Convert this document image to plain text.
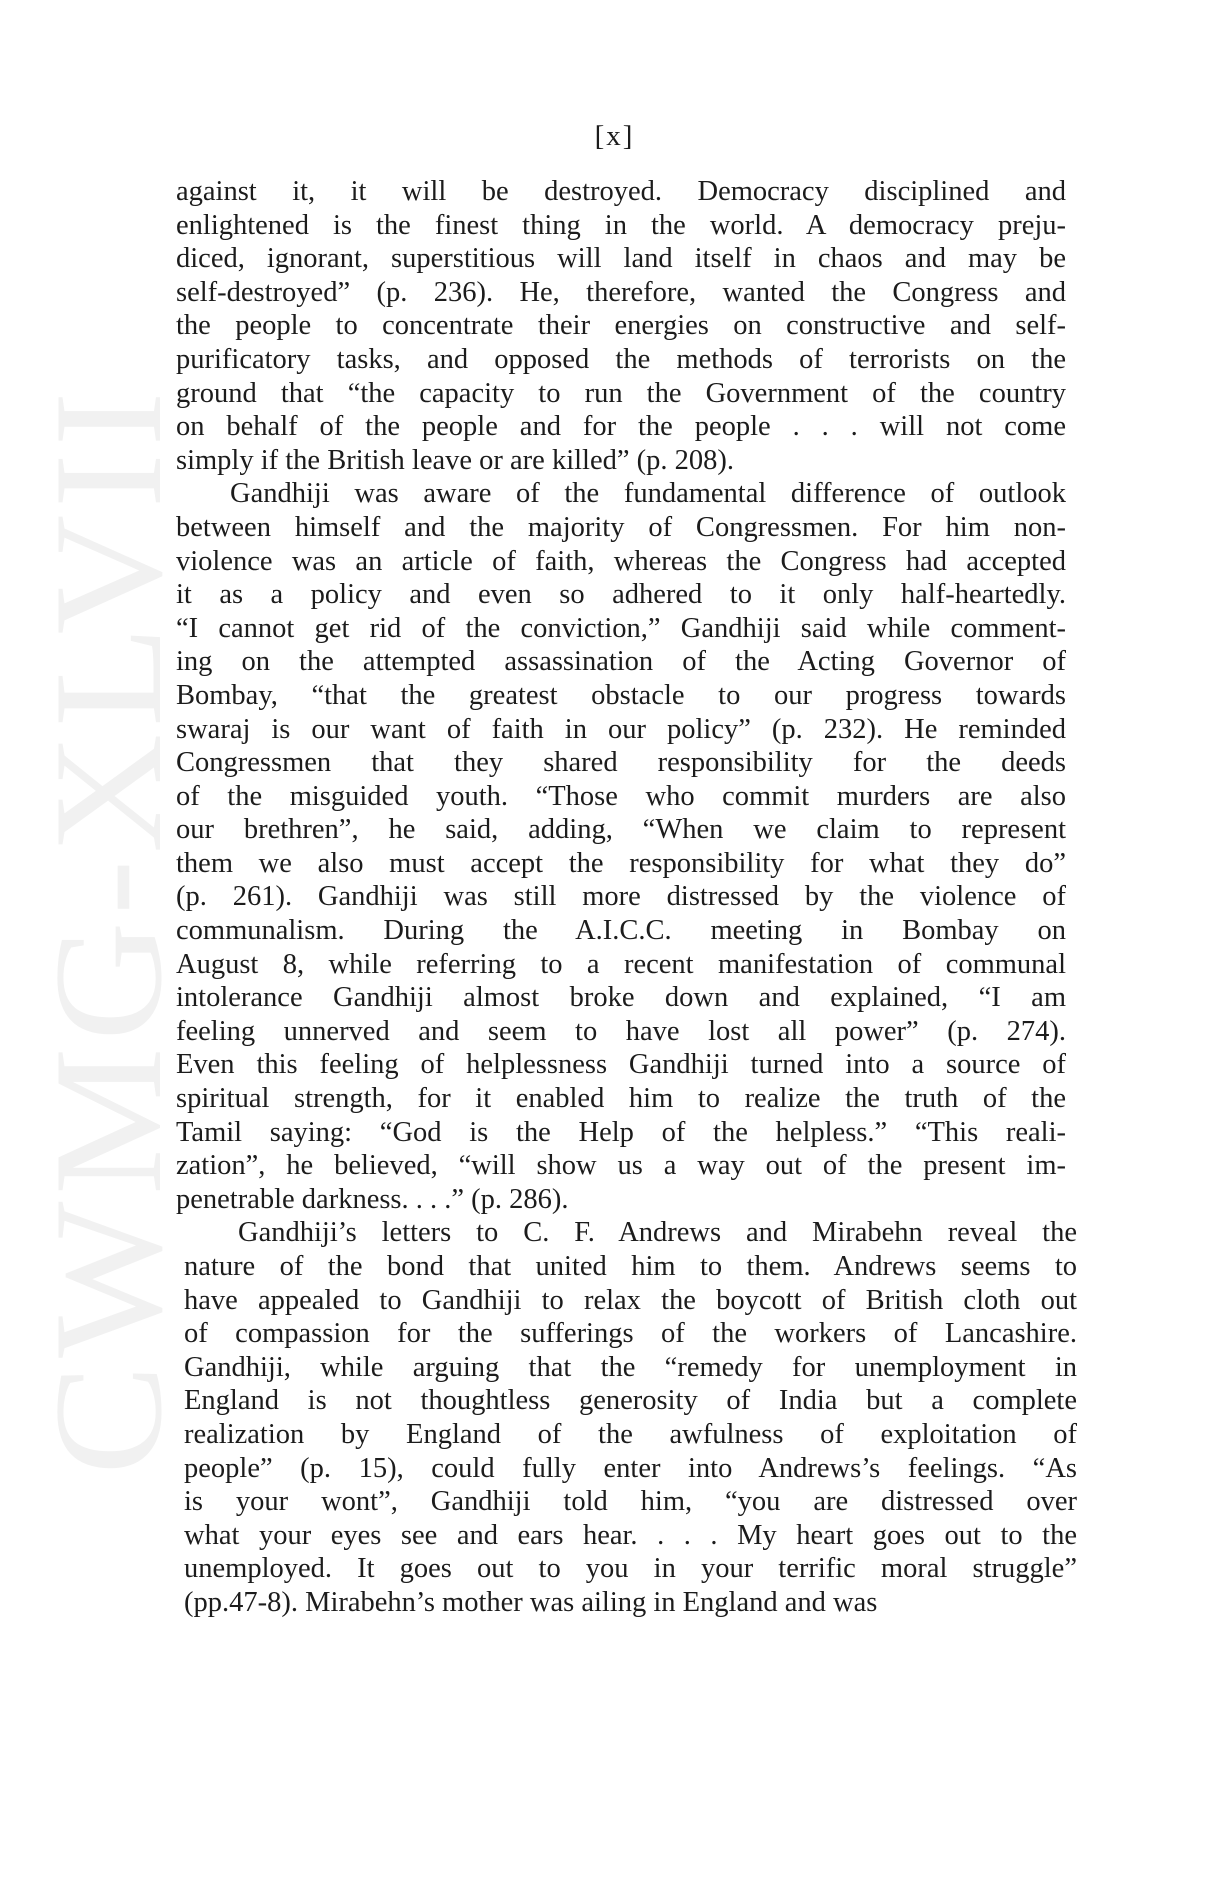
[x]
CWMG-XLVII
against it, it will be destroyed. Democracy disciplined and
enlightened is the finest thing in the world. A democracy preju-
diced, ignorant, superstitious will land itself in chaos and may be
self-destroyed” (p. 236). He, therefore, wanted the Congress and
the people to concentrate their energies on constructive and self-
purificatory tasks, and opposed the methods of terrorists on the
ground that “the capacity to run the Government of the country
on behalf of the people and for the people . . . will not come
simply if the British leave or are killed” (p. 208).
Gandhiji was aware of the fundamental difference of outlook
between himself and the majority of Congressmen. For him non-
violence was an article of faith, whereas the Congress had accepted
it as a policy and even so adhered to it only half-heartedly.
“I cannot get rid of the conviction,” Gandhiji said while comment-
ing on the attempted assassination of the Acting Governor of
Bombay, “that the greatest obstacle to our progress towards
swaraj is our want of faith in our policy” (p. 232). He reminded
Congressmen that they shared responsibility for the deeds
of the misguided youth. “Those who commit murders are also
our brethren”, he said, adding, “When we claim to represent
them we also must accept the responsibility for what they do”
(p. 261). Gandhiji was still more distressed by the violence of
communalism. During the A.I.C.C. meeting in Bombay on
August 8, while referring to a recent manifestation of communal
intolerance Gandhiji almost broke down and explained, “I am
feeling unnerved and seem to have lost all power” (p. 274).
Even this feeling of helplessness Gandhiji turned into a source of
spiritual strength, for it enabled him to realize the truth of the
Tamil saying: “God is the Help of the helpless.” “This reali-
zation”, he believed, “will show us a way out of the present im-
penetrable darkness. . . .” (p. 286).
Gandhiji’s letters to C. F. Andrews and Mirabehn reveal the
nature of the bond that united him to them. Andrews seems to
have appealed to Gandhiji to relax the boycott of British cloth out
of compassion for the sufferings of the workers of Lancashire.
Gandhiji, while arguing that the “remedy for unemployment in
England is not thoughtless generosity of India but a complete
realization by England of the awfulness of exploitation of
people” (p. 15), could fully enter into Andrews’s feelings. “As
is your wont”, Gandhiji told him, “you are distressed over
what your eyes see and ears hear. . . . My heart goes out to the
unemployed. It goes out to you in your terrific moral struggle”
(pp.47-8). Mirabehn’s mother was ailing in England and was
